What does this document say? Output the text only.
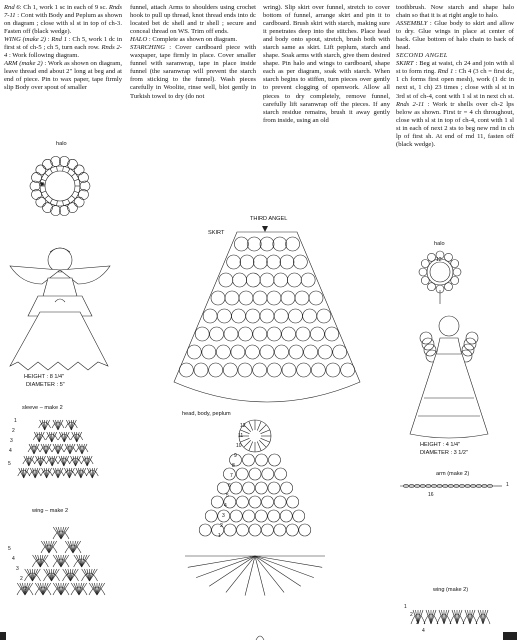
Rnd 6: Ch 1, work 1 sc in each of 9 sc. Rnds 7-11 : Cont with Body and Peplum as shown on diagram ; close with sl st in top of ch-3. Fasten off (black wedge).

WING (make 2) : Rnd 1 : Ch 5, work 1 dc in first st of ch-5 ; ch 5, turn each row. Rnds 2-4 : Work following diagram.

ARM (make 2) : Work as shown on diagram, leave thread end about 2" long at beg and at end of piece. Pin to wax paper, tape firmly slip Body over spout of smaller

funnel, attach Arms to shoulders using crochet hook to pull up thread, knot thread ends into dc located bet dc shell and tr shell ; secure and conceal thread on WS. Trim off ends.

HALO : Complete as shown on diagram.

STARCHING : Cover cardboard piece with waxpaper, tape firmly in place. Cover smaller funnel with saranwrap, tape in place inside funnel (the saranwrap will prevent the starch from sticking to the funnel). Wash pieces carefully in Woolite, rinse well, blot gently in Turkish towel to dry (do not

wring). Slip skirt over funnel, stretch to cover bottom of funnel, arrange skirt and pin it to cardboard. Brush skirt with starch, making sure it penetrates deep into the stitches. Place head and body onto spout, stretch, brush both with starch same as skirt. Lift peplum, starch and shape. Soak arms with starch, give them desired shape. Pin halo and wings to cardboard, shape each as per diagram, soak with starch. When starch begins to stiffen, turn pieces over gently to prevent clogging of openwork. Allow all pieces to dry completely, remove funnel, carefully lift saranwrap off the pieces. If any starch residue remains, brush it away gently from inside, using an old

toothbrush. Now starch and shape halo chain so that it is at right angle to halo.

ASSEMBLY : Glue body to skirt and allow to dry. Glue wings in place at center of back. Glue bottom of halo chain to back of head.

SECOND ANGEL

SKIRT : Beg at waist, ch 24 and join with sl st to form ring. Rnd 1 : Ch 4 (3 ch = first dc, 1 ch forms first open mesh), work (1 dc in next st, 1 ch) 23 times ; close with sl st in 3rd st of ch-4, cont with 1 sl st in next ch st. Rnds 2-11 : Work tr shells over ch-2 lps below as shown. First tr = 4 ch throughout, close with sl st in top of ch-4, cont with 1 sl st in each of next 2 sts to beg new rnd in ch lp of first sh. At end of rnd 11, fasten off (black wedge).

halo
36
HEIGHT : 8 1/4"
DIAMETER : 5"
sleeve – make 2
1
2
3
4
5
wing – make 2
5
4
3
2
1
THIRD ANGEL
SKIRT
head, body, peplum
12
11
10
9
8
7
6
5
4
3
2
1
halo
12
HEIGHT : 4 1/4"
DIAMETER : 3 1/2"
arm (make 2)
1
16
wing (make 2)
1
2
3
4
